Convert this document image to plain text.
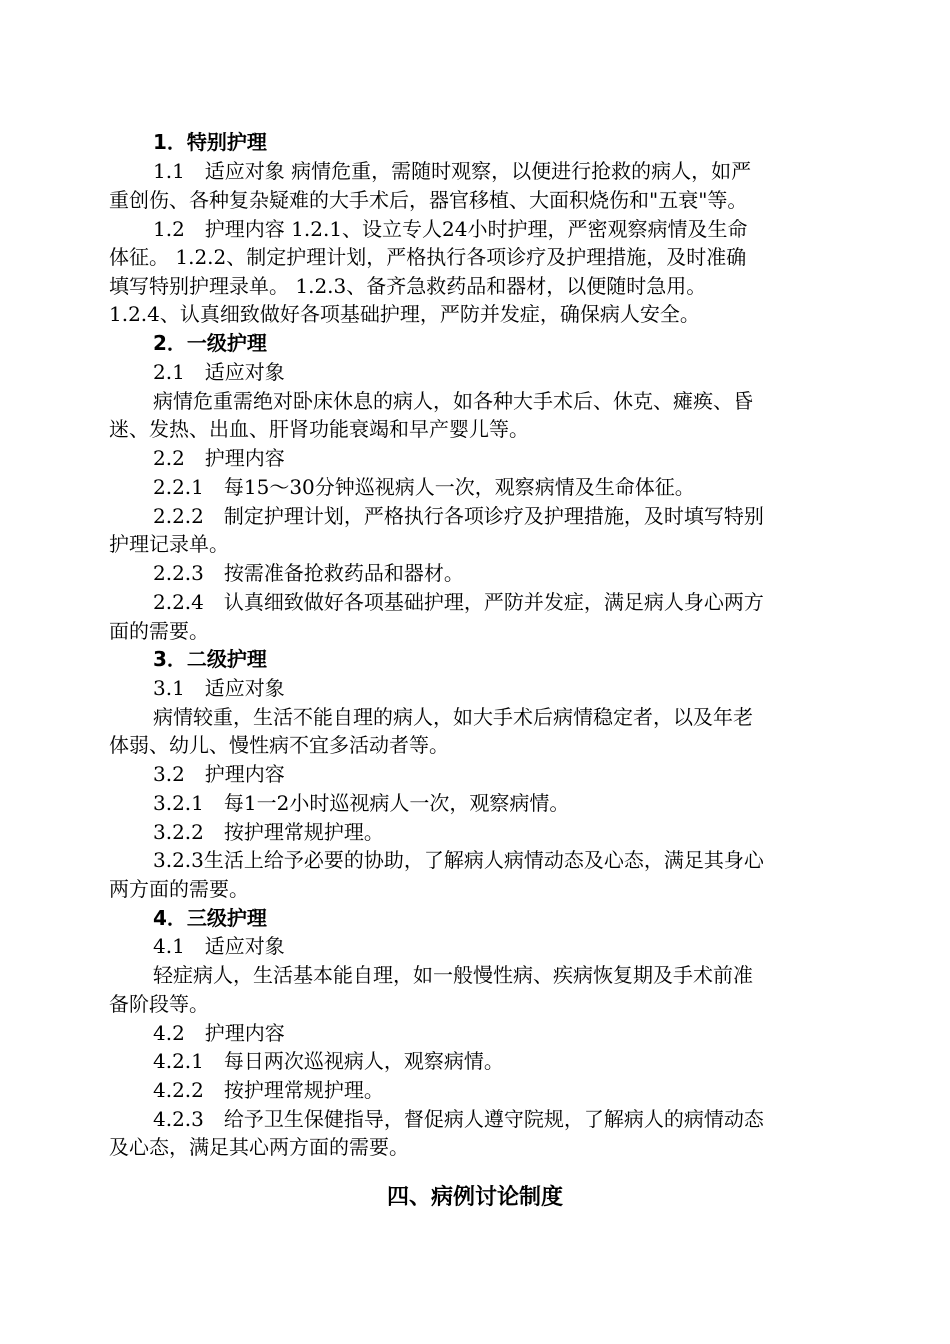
1．特别护理

1.1　适应对象 病情危重，需随时观察，以便进行抢救的病人，如严

重创伤、各种复杂疑难的大手术后，器官移植、大面积烧伤和"五衰"等。

1.2　护理内容 1.2.1、设立专人24小时护理，严密观察病情及生命

体征。 1.2.2、制定护理计划，严格执行各项诊疗及护理措施，及时准确

填写特别护理录单。 1.2.3、备齐急救药品和器材，以便随时急用。

1.2.4、认真细致做好各项基础护理，严防并发症，确保病人安全。

2．一级护理

2.1　适应对象

病情危重需绝对卧床休息的病人，如各种大手术后、休克、瘫痪、昏

迷、发热、出血、肝肾功能衰竭和早产婴儿等。

2.2　护理内容

2.2.1　每15～30分钟巡视病人一次，观察病情及生命体征。

2.2.2　制定护理计划，严格执行各项诊疗及护理措施，及时填写特别

护理记录单。

2.2.3　按需准备抢救药品和器材。

2.2.4　认真细致做好各项基础护理，严防并发症，满足病人身心两方

面的需要。

3．二级护理

3.1　适应对象

病情较重，生活不能自理的病人，如大手术后病情稳定者，以及年老

体弱、幼儿、慢性病不宜多活动者等。

3.2　护理内容

3.2.1　每1一2小时巡视病人一次，观察病情。

3.2.2　按护理常规护理。

3.2.3生活上给予必要的协助，了解病人病情动态及心态，满足其身心

两方面的需要。

4．三级护理

4.1　适应对象

轻症病人，生活基本能自理，如一般慢性病、疾病恢复期及手术前准

备阶段等。

4.2　护理内容

4.2.1　每日两次巡视病人，观察病情。

4.2.2　按护理常规护理。

4.2.3　给予卫生保健指导，督促病人遵守院规，了解病人的病情动态

及心态，满足其心两方面的需要。

四、病例讨论制度
